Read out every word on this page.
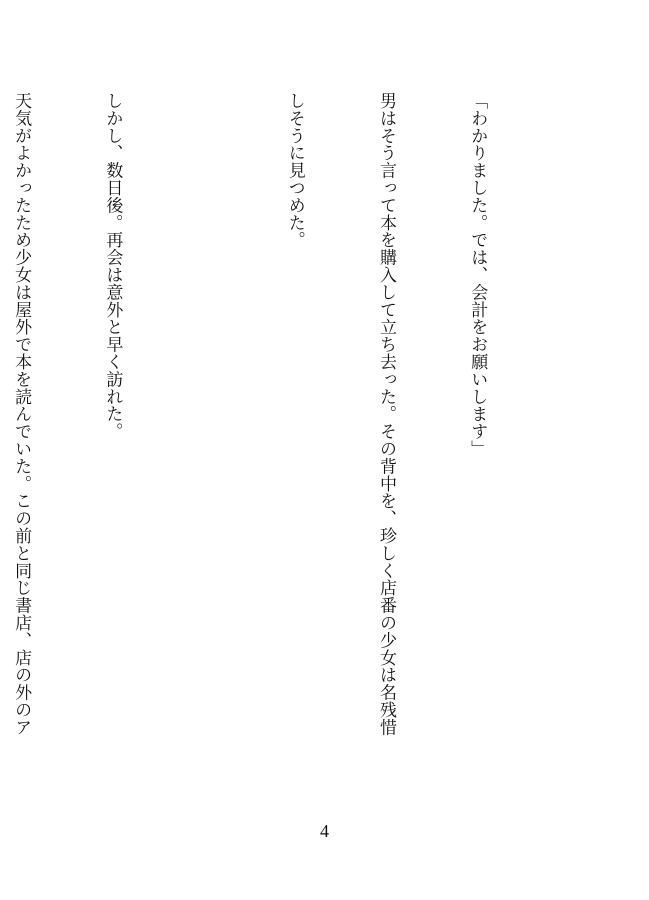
「わかりました。では、会計をお願いします」

男はそう言って本を購入して立ち去った。その背中を、珍しく店番の少女は名残惜

しそうに見つめた。

しかし、数日後。再会は意外と早く訪れた。

天気がよかったため少女は屋外で本を読んでいた。この前と同じ書店、店の外のア

4
